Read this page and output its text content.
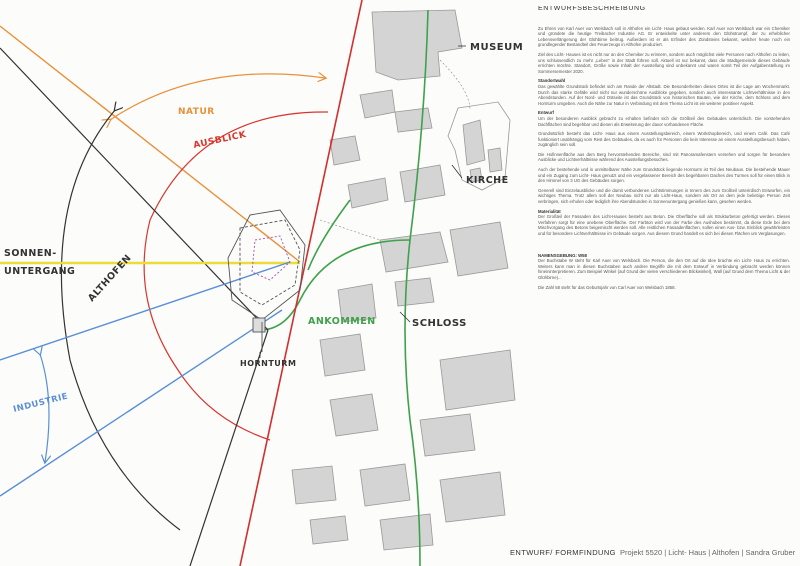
NATUR
AUSBLICK
SONNEN-
UNTERGANG ALTHOFEN
INDUSTRIE
HORNTURM
ANKOMMEN
MUSEUM
KIRCHE
SCHLOSS
ENTWURFSBESCHREIBUNG

Zu Ehren von Karl Auer von Welsbach soll in Althofen ein Licht- Haus gebaut werden. Karl Auer von Welsbach war ein Chemiker und gründete die heutige Treibacher Industrie AG. Er entwickelte unter anderem den Glühstrumpf, der zu erheblicher Lebensverlängerung der Glühbirne beitrug. Außerdem ist er als Erfinder des Zündsteins bekannt, welcher heute noch ein grundlegender Bestandteil des Feuerzeugs in Althofen produziert.

Ziel des Licht- Hauses ist es nicht nur an den Chemiker zu erinnern, sondern auch möglichst viele Personen nach Althofen zu leiten, uns schlussendlich zu mehr „Leben“ in der Stadt führen soll. Aktuell ist nur bekannt, dass die Stadtgemeinde dieses Gebäude errichten möchte. Standort, Größe sowie Inhalt der Ausstellung sind unbekannt und waren somit Teil der Aufgabenstellung im Sommersemester 2020.

Standortwahl

Das gewählte Grundstück befindet sich am Rande der Altstadt. Die Besonderheiten dieses Ortes ist die Lage am Wochenmarkt. Durch das starke Gefälle wird nicht nur wunderschöne Ausblicke gegeben, sondern auch interessante Lichtverhältnisse in den Abendstunden. Auf der Nord- und Ostseite ist das Grundstück von historischen Bauten, wie der Kirche, dem Schloss und dem Hornturm umgeben. Auch die Nähe zur Natur in Verbindung mit dem Thema Licht ist ein weiterer positiver Aspekt.

Entwurf

Um der besonderen Ausblick gebracht zu erhalten befindet sich die Größteil des Gebäudes unterirdisch. Die vorstehenden Dachflächen sind begehbar und dienen als Erweiterung der davor vorhandenen Fläche.

Grundsätzlich besteht das Licht- Haus aus einem Ausstellungsbereich, einem Workshopbereich, und einem Café. Das Café funktioniert unabhängig vom Rest des Gebäudes, da es auch für Personen die kein Interesse an einem Ausstellungsbesuch haben, zugänglich sein soll.

Die Hofinnenfläche aus dem Berg hervorstehenden Bereiche, sind mit Panoramafenstern versehen und sorgen für besondere Ausblicke und Lichtverhältnisse während des Ausstellungsbesuches.

Auch der bestehende und in unmittelbarer Nähe zum Grundstück liegende Hornturm ist Teil des Neubaus. Die bestehende Mauer und ein Zugang zum Licht- Haus genutzt und ein vergelassener Bereich des begehbaren Daches des Turmes soll für einen Blick in den Himmel von 3 UG des Gebäudes sorgen.

Generell sind Einzelausblicke und die damit verbundenen Lichtstimmungen in Innern des zum Großteil unterirdisch Entworfen, ein wichtiges Thema. Trotz allem soll der Neubau nicht nur als Licht-Haus, sondern als Ort an dem jede beliebige Person Zeit verbringen, sich erholen oder lediglich ihre Abendstunden in Sonnenuntergang genießen kann, gesehen werden.

Materialität

Der Großteil der Fassaden des Licht-Hauses besteht aus Beton. Die Oberfläche soll als Strukturbeton gefertigt werden. Dieses Verfahren sorgt für eine unebene Oberfläche. Der Farbton wird von der Farbe des Aushubes bestimmt, da diese Erde bei dem Mischvorgang des Betons beigemischt werden soll. Alle restlichen Fassadenflächen, sollen einen Aus- bzw. Einblick gewährleisten und für besondere Lichtverhältnisse im Gebäude sorgen. Aus diesem Grund handelt es sich bei diesen Flächen um Verglasungen.

NAMENSGEBUNG: W58

Der Buchstabe W steht für Karl Auer von Welsbach. Die Person, die den Ort auf die Idee brachte ein Licht- Haus zu errichten. Weiters kann man in diesen Buchstaben auch andere Begriffe die mit dem Entwurf in Verbindung gebracht werden können hineininterpretieren. Zum Beispiel Winkel (auf Grund der vielen verschiedenen Blickwinkel), Wall (auf Grund dem Thema Licht & der Glühbirne)...

Die Zahl 58 steht für das Geburtsjahr von Carl Auer von Welsbach 1858.

ENTWURF/ FORMFINDUNG Projekt 5520 | Licht- Haus | Althofen | Sandra Gruber
